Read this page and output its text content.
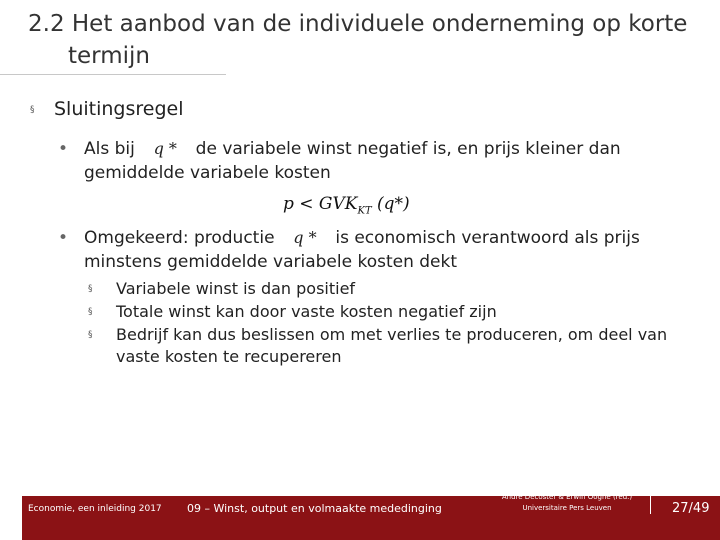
2.2 Het aanbod van de individuele onderneming op korte
termijn
§ Sluitingsregel
• Als bij q * de variabele winst negatief is, en prijs kleiner dan gemiddelde variabele kosten
$p < GVK_{KT}$ (q*)
• Omgekeerd: productie q * is economisch verantwoord als prijs minstens gemiddelde variabele kosten dekt
§ Variabele winst is dan positief
§ Totale winst kan door vaste kosten negatief zijn
§ Bedrijf kan dus beslissen om met verlies te produceren, om deel van vaste kosten te recupereren
Economie, een inleiding 2017 09 – Winst, output en volmaakte mededinging
André Decoster & Erwin Ooghe (red.)
Universitaire Pers Leuven	27/49
